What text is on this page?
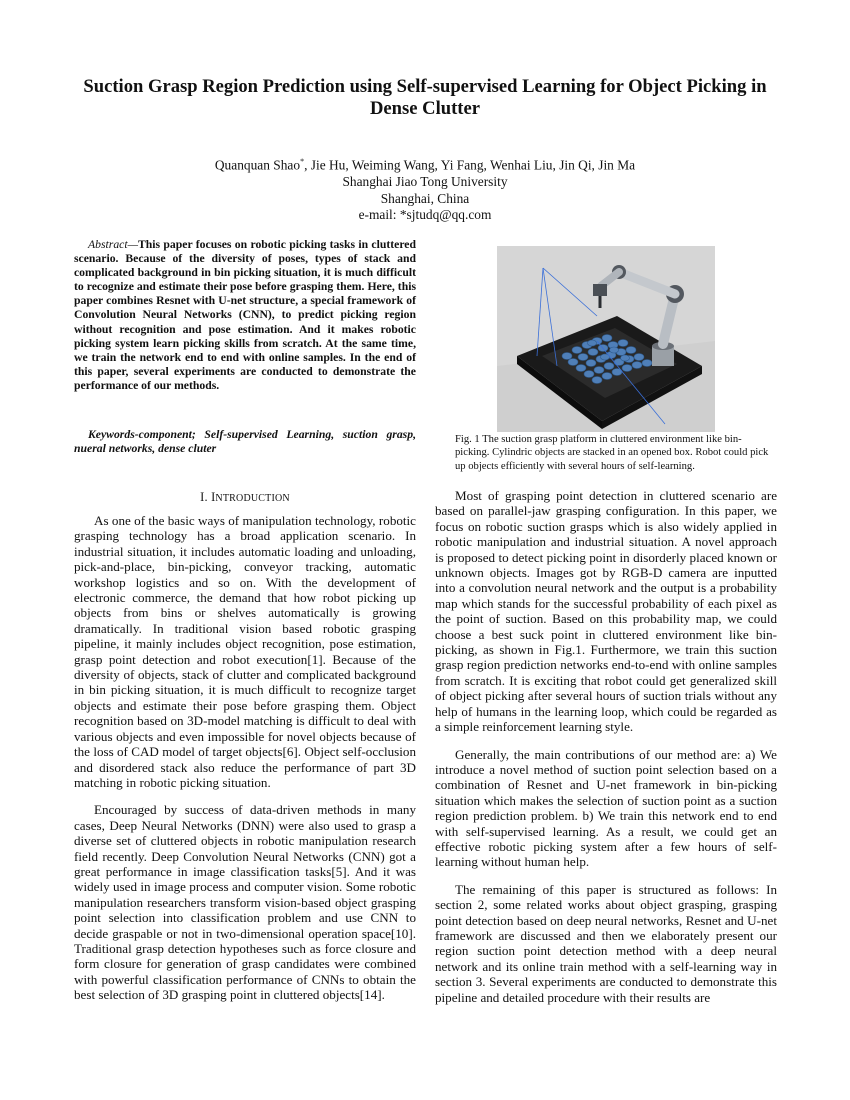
Suction Grasp Region Prediction using Self-supervised Learning for Object Picking in Dense Clutter
Quanquan Shao*, Jie Hu, Weiming Wang, Yi Fang, Wenhai Liu, Jin Qi, Jin Ma
Shanghai Jiao Tong University
Shanghai, China
e-mail: *sjtudq@qq.com

Abstract—This paper focuses on robotic picking tasks in cluttered scenario. Because of the diversity of poses, types of stack and complicated background in bin picking situation, it is much difficult to recognize and estimate their pose before grasping them. Here, this paper combines Resnet with U-net structure, a special framework of Convolution Neural Networks (CNN), to predict picking region without recognition and pose estimation. And it makes robotic picking system learn picking skills from scratch. At the same time, we train the network end to end with online samples. In the end of this paper, several experiments are conducted to demonstrate the performance of our methods.

Keywords-component; Self-supervised Learning, suction grasp, nueral networks, dense cluter

Fig. 1 The suction grasp platform in cluttered environment like bin-picking. Cylindric objects are stacked in an opened box. Robot could pick up objects efficiently with several hours of self-learning.

I. INTRODUCTION

As one of the basic ways of manipulation technology, robotic grasping technology has a broad application scenario. In industrial situation, it includes automatic loading and unloading, pick-and-place, bin-picking, conveyor tracking, automatic workshop logistics and so on. With the development of electronic commerce, the demand that how robot picking up objects from bins or shelves automatically is growing dramatically. In traditional vision based robotic grasping pipeline, it mainly includes object recognition, pose estimation, grasp point detection and robot execution[1]. Because of the diversity of objects, stack of clutter and complicated background in bin picking situation, it is much difficult to recognize target objects and estimate their pose before grasping them. Object recognition based on 3D-model matching is difficult to deal with various objects and even impossible for novel objects because of the loss of CAD model of target objects[6]. Object self-occlusion and disordered stack also reduce the performance of part 3D matching in robotic picking situation.

Encouraged by success of data-driven methods in many cases, Deep Neural Networks (DNN) were also used to grasp a diverse set of cluttered objects in robotic manipulation research field recently. Deep Convolution Neural Networks (CNN) got a great performance in image classification tasks[5]. And it was widely used in image process and computer vision. Some robotic manipulation researchers transform vision-based object grasping point selection into classification problem and use CNN to decide graspable or not in two-dimensional operation space[10]. Traditional grasp detection hypotheses such as force closure and form closure for generation of grasp candidates were combined with powerful classification performance of CNNs to obtain the best selection of 3D grasping point in cluttered objects[14].

Most of grasping point detection in cluttered scenario are based on parallel-jaw grasping configuration. In this paper, we focus on robotic suction grasps which is also widely applied in robotic manipulation and industrial situation. A novel approach is proposed to detect picking point in disorderly placed known or unknown objects. Images got by RGB-D camera are inputted into a convolution neural network and the output is a probability map which stands for the successful probability of each pixel as the point of suction. Based on this probability map, we could choose a best suck point in cluttered environment like bin-picking, as shown in Fig.1. Furthermore, we train this suction grasp region prediction networks end-to-end with online samples from scratch. It is exciting that robot could get generalized skill of object picking after several hours of suction trials without any help of humans in the learning loop, which could be regarded as a simple reinforcement learning style.

Generally, the main contributions of our method are: a) We introduce a novel method of suction point selection based on a combination of Resnet and U-net framework in bin-picking situation which makes the selection of suction point as a suction region prediction problem. b) We train this network end to end with self-supervised learning. As a result, we could get an effective robotic picking system after a few hours of self-learning without human help.

The remaining of this paper is structured as follows: In section 2, some related works about object grasping, grasping point detection based on deep neural networks, Resnet and U-net framework are discussed and then we elaborately present our region suction point detection method with a deep neural network and its online train method with a self-learning way in section 3. Several experiments are conducted to demonstrate this pipeline and detailed procedure with their results are
